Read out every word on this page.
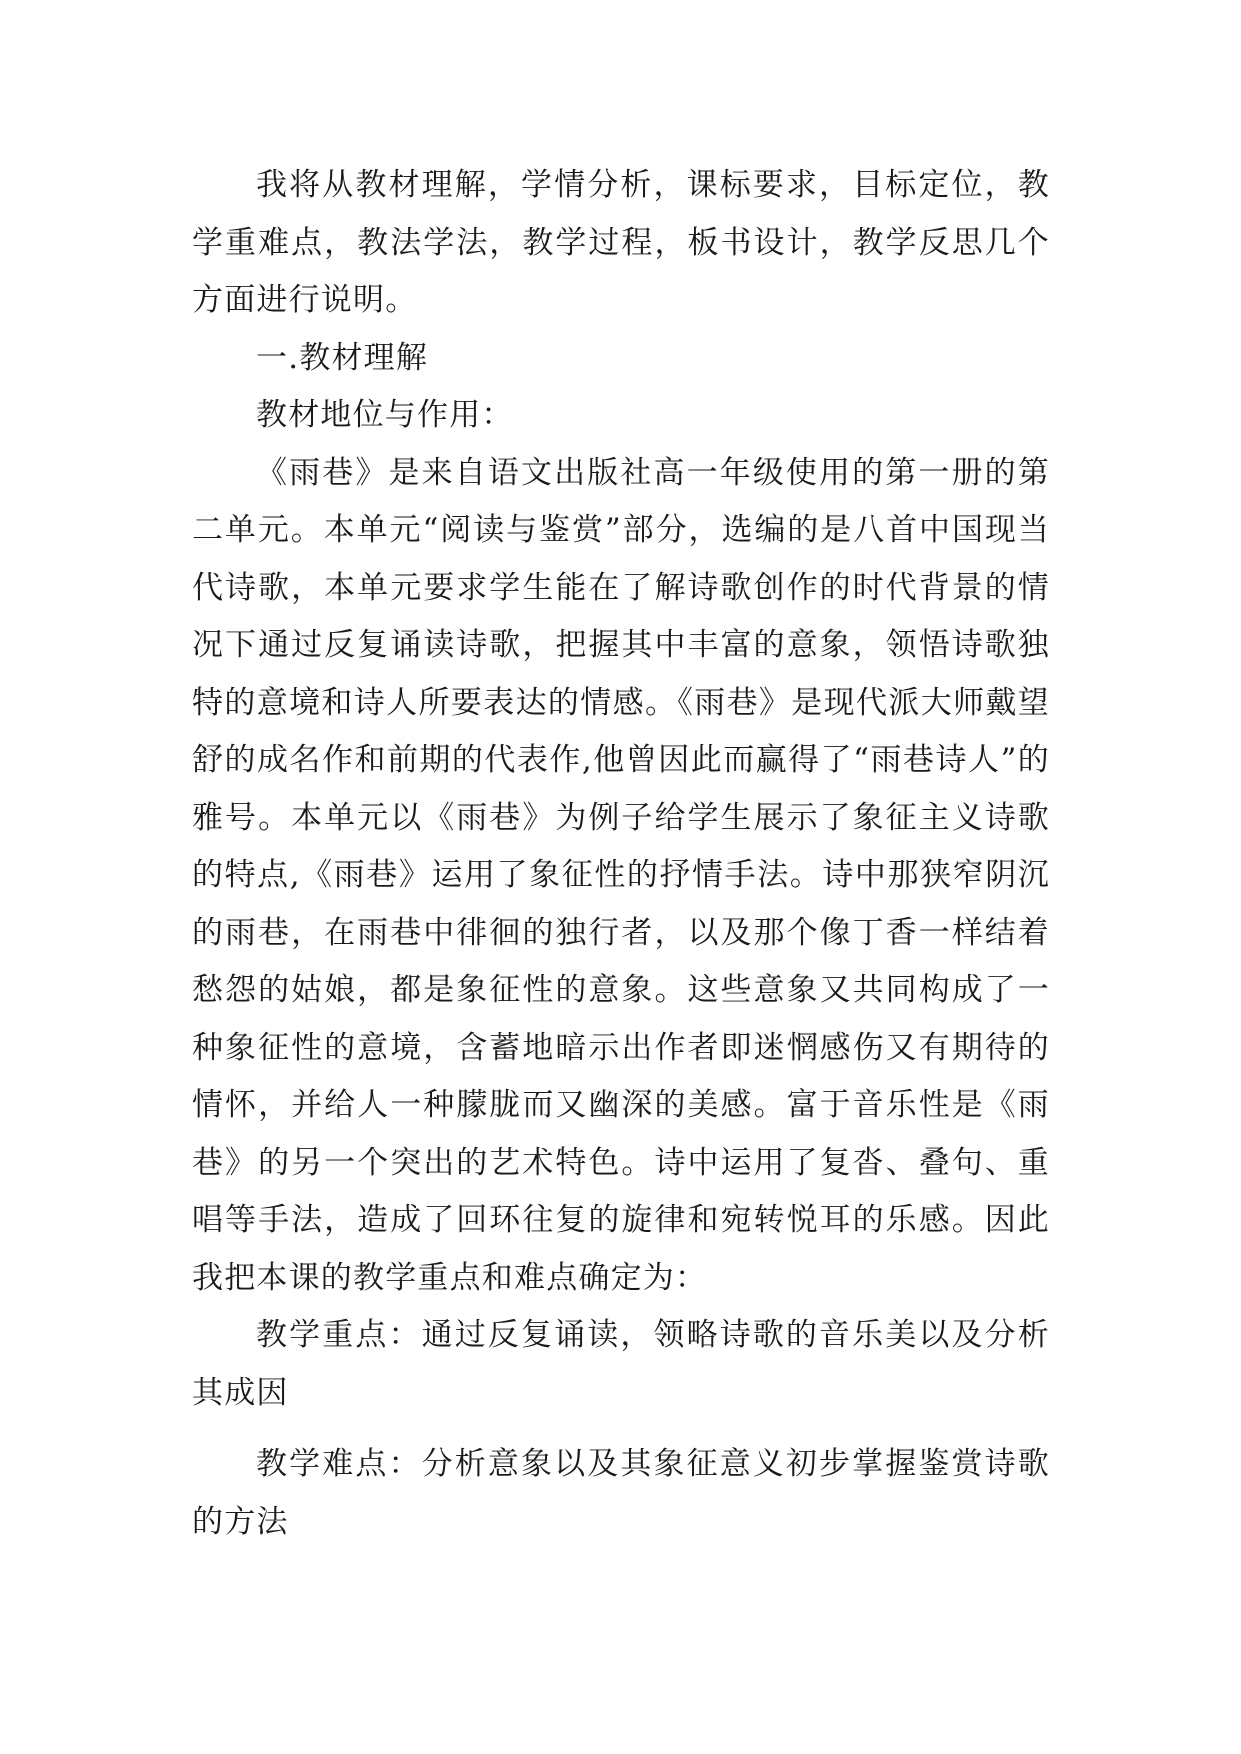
我将从教材理解，学情分析，课标要求，目标定位，教学重难点，教法学法，教学过程，板书设计，教学反思几个方面进行说明。

一.教材理解

教材地位与作用：

《雨巷》是来自语文出版社高一年级使用的第一册的第二单元。本单元“阅读与鉴赏”部分，选编的是八首中国现当代诗歌，本单元要求学生能在了解诗歌创作的时代背景的情况下通过反复诵读诗歌，把握其中丰富的意象，领悟诗歌独特的意境和诗人所要表达的情感。《雨巷》是现代派大师戴望舒的成名作和前期的代表作,他曾因此而赢得了“雨巷诗人”的雅号。本单元以《雨巷》为例子给学生展示了象征主义诗歌的特点,《雨巷》运用了象征性的抒情手法。诗中那狭窄阴沉的雨巷，在雨巷中徘徊的独行者，以及那个像丁香一样结着愁怨的姑娘，都是象征性的意象。这些意象又共同构成了一种象征性的意境，含蓄地暗示出作者即迷惘感伤又有期待的情怀，并给人一种朦胧而又幽深的美感。富于音乐性是《雨巷》的另一个突出的艺术特色。诗中运用了复沓、叠句、重唱等手法，造成了回环往复的旋律和宛转悦耳的乐感。因此我把本课的教学重点和难点确定为：

教学重点：通过反复诵读，领略诗歌的音乐美以及分析其成因

教学难点：分析意象以及其象征意义初步掌握鉴赏诗歌的方法
